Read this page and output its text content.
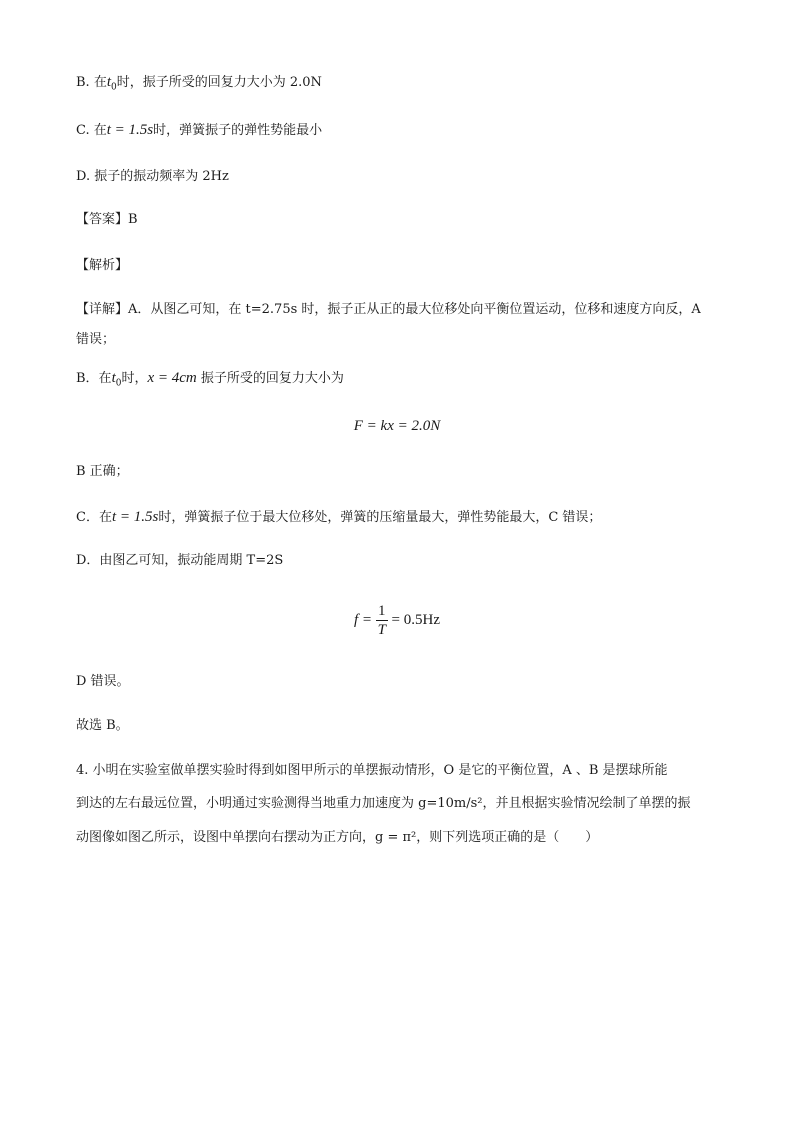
B. 在$t_0$时，振子所受的回复力大小为 2.0N
C. 在t = 1.5s时，弹簧振子的弹性势能最小
D. 振子的振动频率为 2Hz
【答案】B
【解析】
【详解】A．从图乙可知，在 t=2.75s 时，振子正从正的最大位移处向平衡位置运动，位移和速度方向反，A
错误；
B．在$t_0$时，x = 4cm 振子所受的回复力大小为
F = kx = 2.0N
B 正确；
C．在t = 1.5s时，弹簧振子位于最大位移处，弹簧的压缩量最大，弹性势能最大，C 错误；
D．由图乙可知，振动能周期 T=2S
$f = \frac{1}{T} = 0.5Hz$
D 错误。
故选 B。
4. 小明在实验室做单摆实验时得到如图甲所示的单摆振动情形，O 是它的平衡位置，A 、B 是摆球所能
到达的左右最远位置，小明通过实验测得当地重力加速度为 g=10m/s²，并且根据实验情况绘制了单摆的振
动图像如图乙所示，设图中单摆向右摆动为正方向，g = π²，则下列选项正确的是（　　）
